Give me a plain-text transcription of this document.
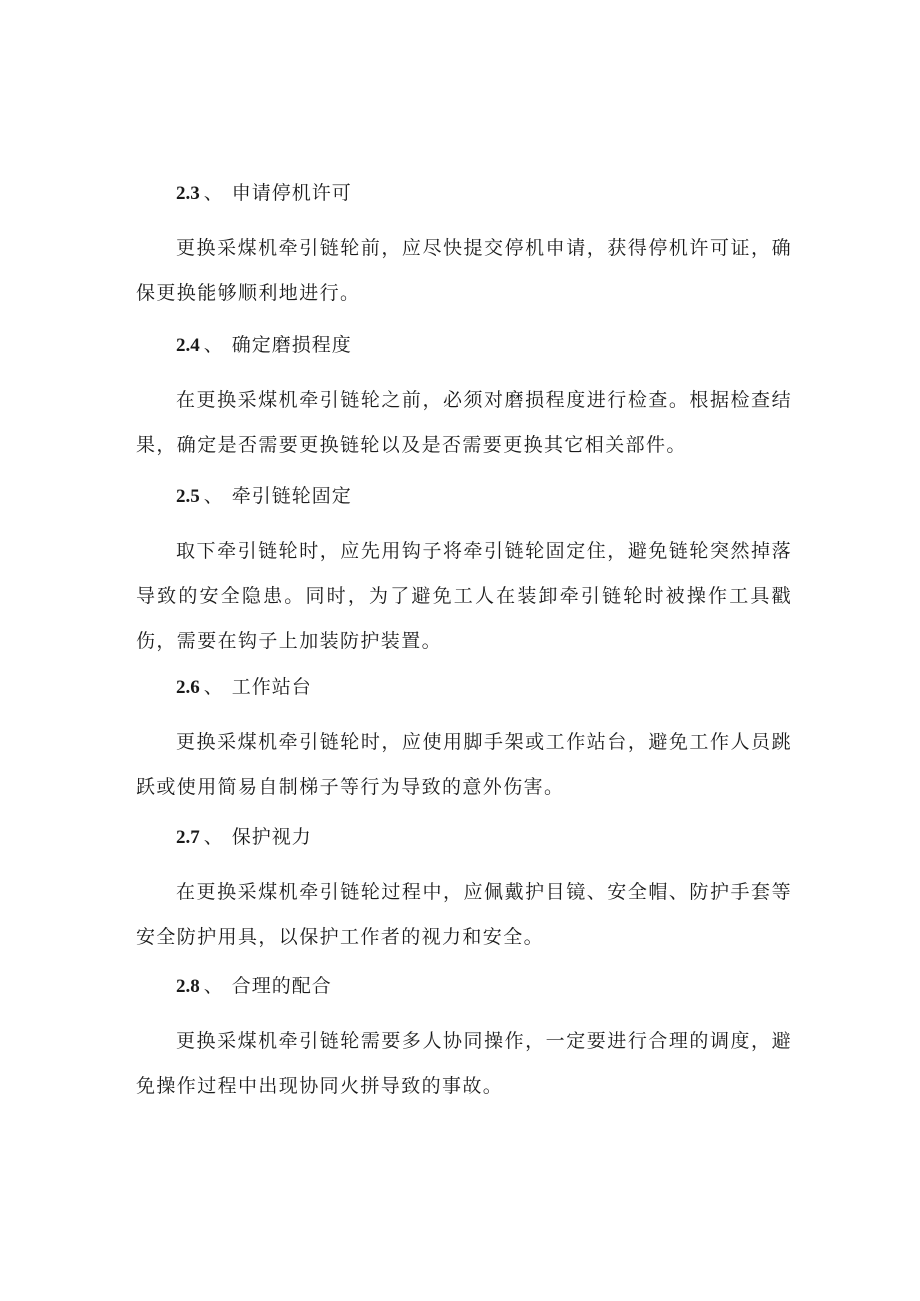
2.3 、 申请停机许可

更换采煤机牵引链轮前，应尽快提交停机申请，获得停机许可证，确保更换能够顺利地进行。

2.4 、 确定磨损程度

在更换采煤机牵引链轮之前，必须对磨损程度进行检查。根据检查结果，确定是否需要更换链轮以及是否需要更换其它相关部件。

2.5 、 牵引链轮固定

取下牵引链轮时，应先用钩子将牵引链轮固定住，避免链轮突然掉落导致的安全隐患。同时，为了避免工人在装卸牵引链轮时被操作工具戳伤，需要在钩子上加装防护装置。

2.6 、 工作站台

更换采煤机牵引链轮时，应使用脚手架或工作站台，避免工作人员跳跃或使用简易自制梯子等行为导致的意外伤害。

2.7 、 保护视力

在更换采煤机牵引链轮过程中，应佩戴护目镜、安全帽、防护手套等安全防护用具，以保护工作者的视力和安全。

2.8 、 合理的配合

更换采煤机牵引链轮需要多人协同操作，一定要进行合理的调度，避免操作过程中出现协同火拼导致的事故。
